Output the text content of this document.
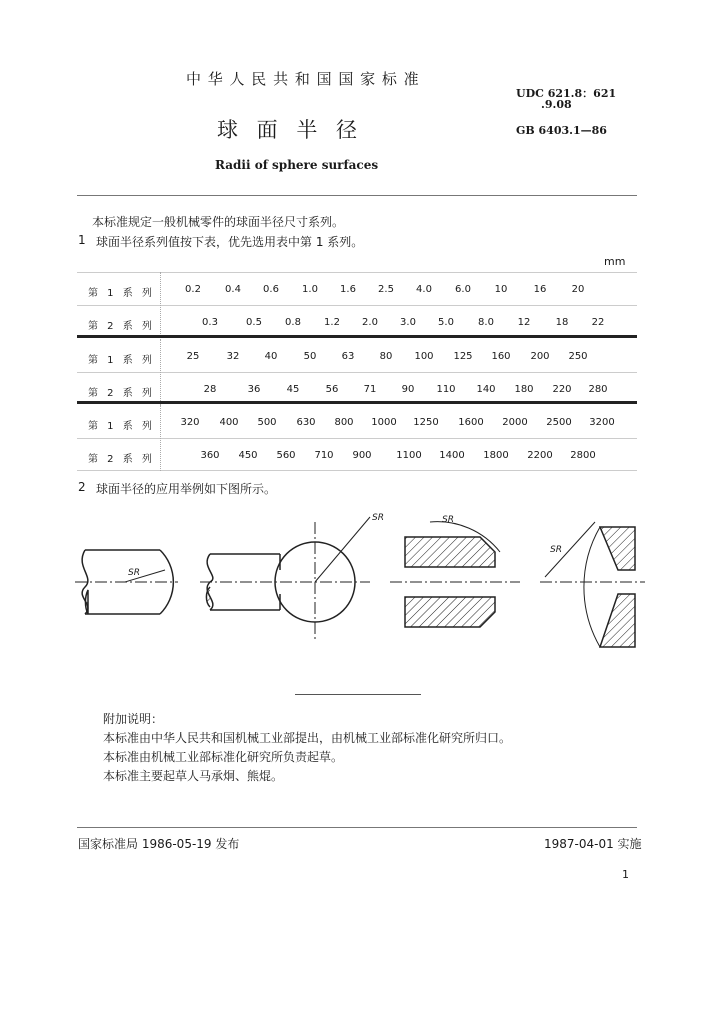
中 华 人 民 共 和 国 国 家 标 准
UDC 621.8：621
.9.08
球 面 半 径	GB 6403.1—86
Radii of sphere surfaces
本标准规定一般机械零件的球面半径尺寸系列。
1 球面半径系列值按下表，优先选用表中第 1 系列。
mm
第 1 系 列	0.2 0.4 0.6 1.0 1.6 2.5 4.0 6.0 10	16	20
第 2 系 列	0.3	0.5 0.8 1.2 2.0 3.0 5.0 8.0 12	18 22
第 1 系 列	25	32	40	50	63	80 100 125 160 200 250
第 2 系 列	28	36	45	56	71	90 110 140 180 220 280
第 1 系 列	320 400 500 630 800 1000 1250 1600 2000 2500 3200
第 2 系 列	360 450 560 710 900 1100 1400 1800 2200 2800
2 球面半径的应用举例如下图所示。
SR
SR	SR
SR
附加说明：
本标准由中华人民共和国机械工业部提出，由机械工业部标准化研究所归口。
本标准由机械工业部标准化研究所负责起草。
本标准主要起草人马承炯、熊焜。
国家标准局 1986-05-19 发布	1987-04-01 实施
1
